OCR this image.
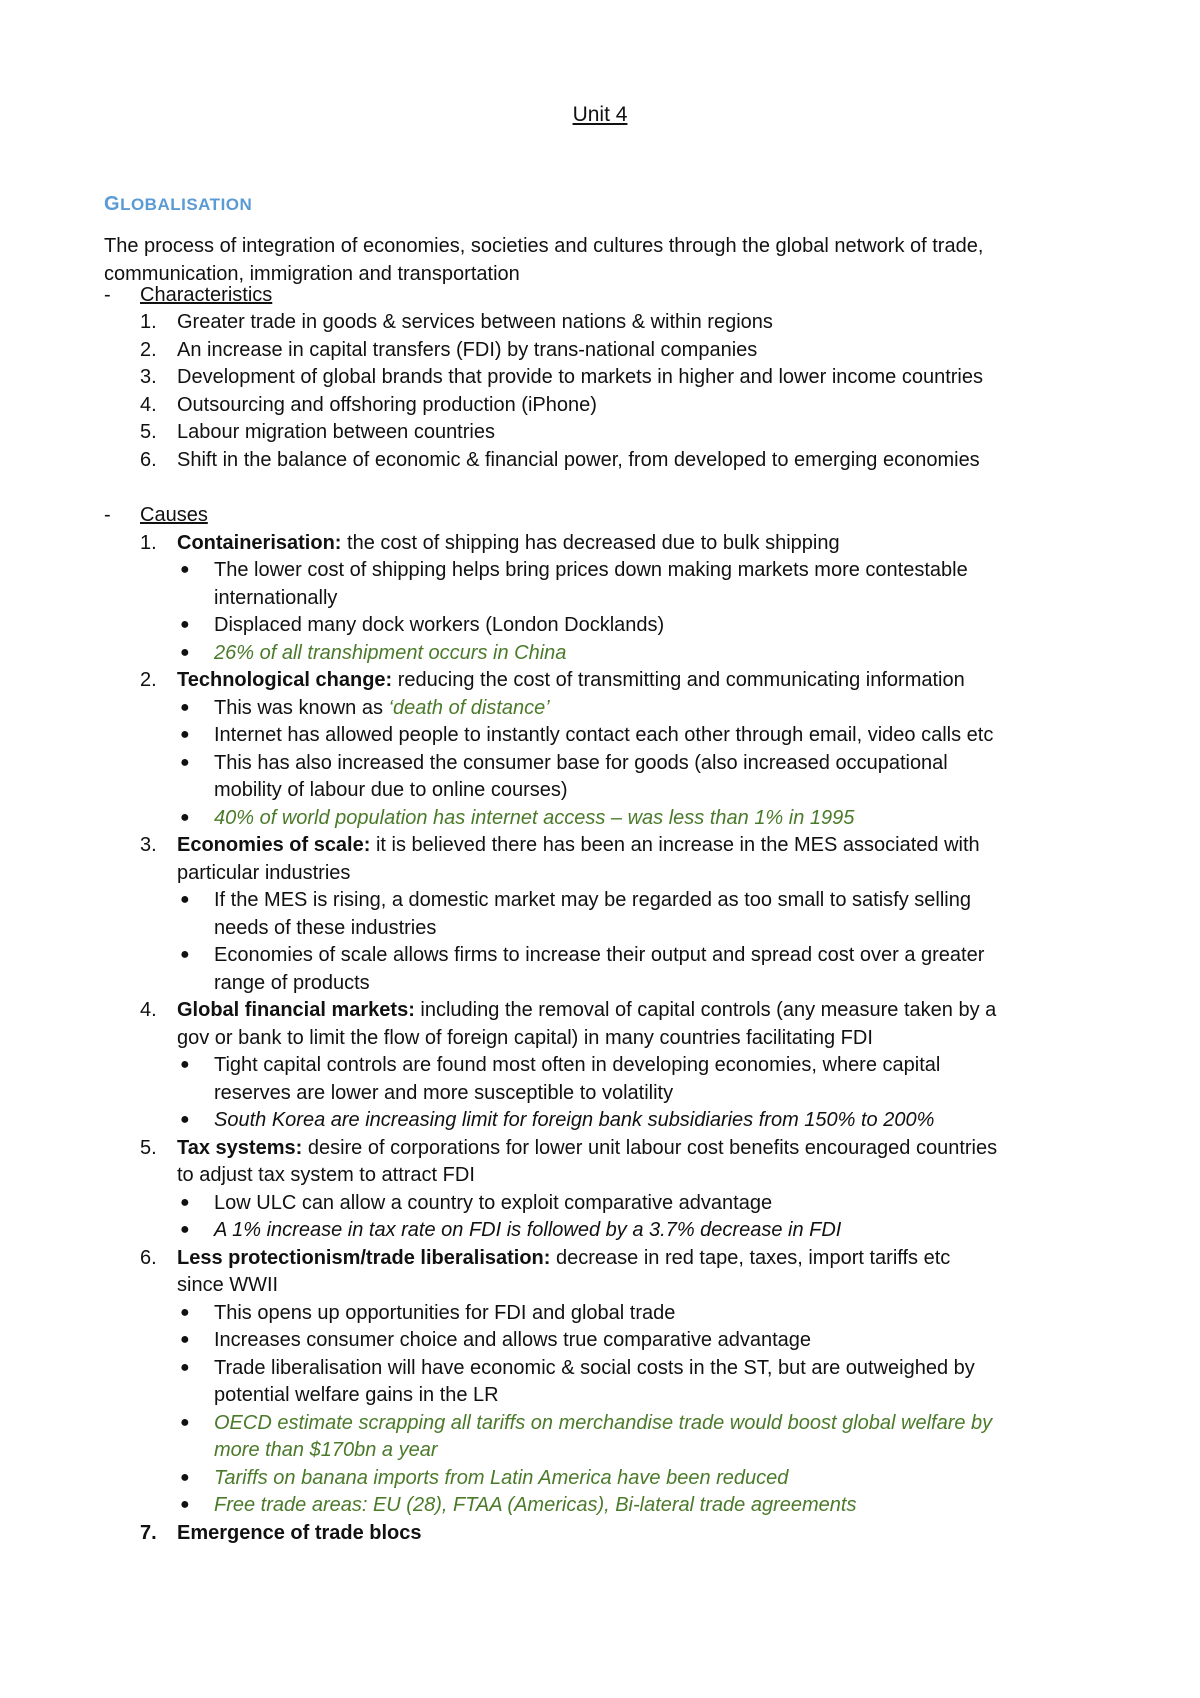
Unit 4
GLOBALISATION
The process of integration of economies, societies and cultures through the global network of trade, communication, immigration and transportation
- Characteristics
1.	Greater trade in goods & services between nations & within regions
2.	An increase in capital transfers (FDI) by trans-national companies
3.	Development of global brands that provide to markets in higher and lower income countries
4.	Outsourcing and offshoring production (iPhone)
5.	Labour migration between countries
6.	Shift in the balance of economic & financial power, from developed to emerging economies
- Causes
1.	Containerisation: the cost of shipping has decreased due to bulk shipping
● The lower cost of shipping helps bring prices down making markets more contestable
internationally
● Displaced many dock workers (London Docklands)
● 26% of all transhipment occurs in China
2.	Technological change: reducing the cost of transmitting and communicating information
● This was known as ‘death of distance’
● Internet has allowed people to instantly contact each other through email, video calls etc
● This has also increased the consumer base for goods (also increased occupational
mobility of labour due to online courses)
● 40% of world population has internet access – was less than 1% in 1995
3.	Economies of scale: it is believed there has been an increase in the MES associated with
particular industries
● If the MES is rising, a domestic market may be regarded as too small to satisfy selling
needs of these industries
● Economies of scale allows firms to increase their output and spread cost over a greater
range of products
4.	Global financial markets: including the removal of capital controls (any measure taken by a
gov or bank to limit the flow of foreign capital) in many countries facilitating FDI
● Tight capital controls are found most often in developing economies, where capital
reserves are lower and more susceptible to volatility
● South Korea are increasing limit for foreign bank subsidiaries from 150% to 200%
5.	Tax systems: desire of corporations for lower unit labour cost benefits encouraged countries
to adjust tax system to attract FDI
● Low ULC can allow a country to exploit comparative advantage
● A 1% increase in tax rate on FDI is followed by a 3.7% decrease in FDI
6.	Less protectionism/trade liberalisation: decrease in red tape, taxes, import tariffs etc
since WWII
● This opens up opportunities for FDI and global trade
● Increases consumer choice and allows true comparative advantage
● Trade liberalisation will have economic & social costs in the ST, but are outweighed by
potential welfare gains in the LR
● OECD estimate scrapping all tariffs on merchandise trade would boost global welfare by
more than $170bn a year
● Tariffs on banana imports from Latin America have been reduced
● Free trade areas: EU (28), FTAA (Americas), Bi-lateral trade agreements
7.	Emergence of trade blocs
